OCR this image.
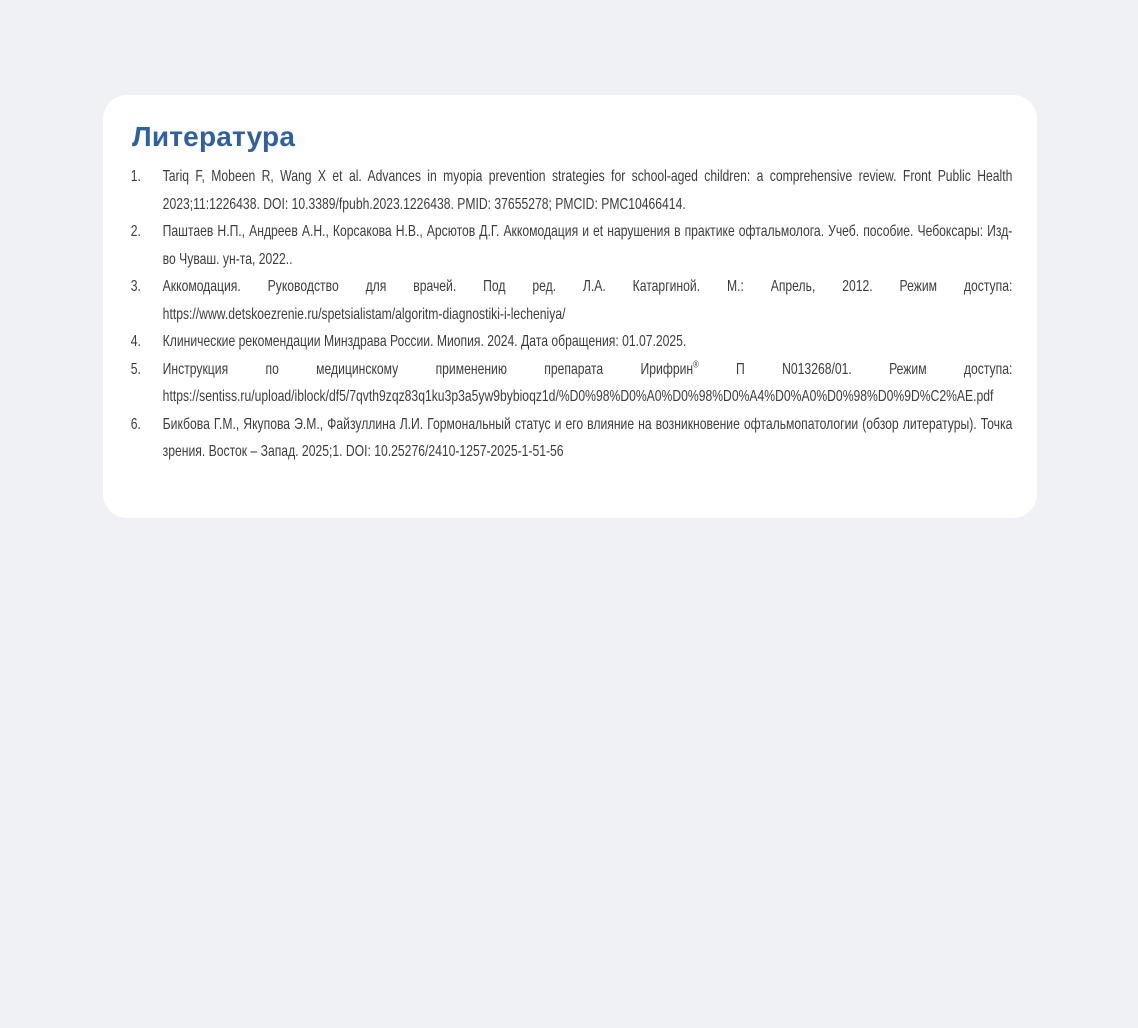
Литература
1. Tariq F, Mobeen R, Wang X et al. Advances in myopia prevention strategies for school-aged children: a comprehensive review. Front Public Health 2023;11:1226438. DOI: 10.3389/fpubh.2023.1226438. PMID: 37655278; PMCID: PMC10466414.
2. Паштаев Н.П., Андреев А.Н., Корсакова Н.В., Арсютов Д.Г. Аккомодация и et нарушения в практике офтальмолога. Учеб. пособие. Чебоксары: Изд-во Чуваш. ун-та, 2022..
3. Аккомодация. Руководство для врачей. Под ред. Л.А. Катаргиной. М.: Апрель, 2012. Режим доступа: https://www.detskoezrenie.ru/spetsialistam/algoritm-diagnostiki-i-lecheniya/
4. Клинические рекомендации Минздрава России. Миопия. 2024. Дата обращения: 01.07.2025.
5. Инструкция по медицинскому применению препарата Ирифрин® П N013268/01. Режим доступа: https://sentiss.ru/upload/iblock/df5/7qvth9zqz83q1ku3p3a5yw9bybioqz1d/%D0%98%D0%A0%D0%98%D0%A4%D0%A0%D0%98%D0%9D%C2%AE.pdf
6. Бикбова Г.М., Якупова Э.М., Файзуллина Л.И. Гормональный статус и его влияние на возникновение офтальмопатологии (обзор литературы). Точка зрения. Восток – Запад. 2025;1. DOI: 10.25276/2410-1257-2025-1-51-56
